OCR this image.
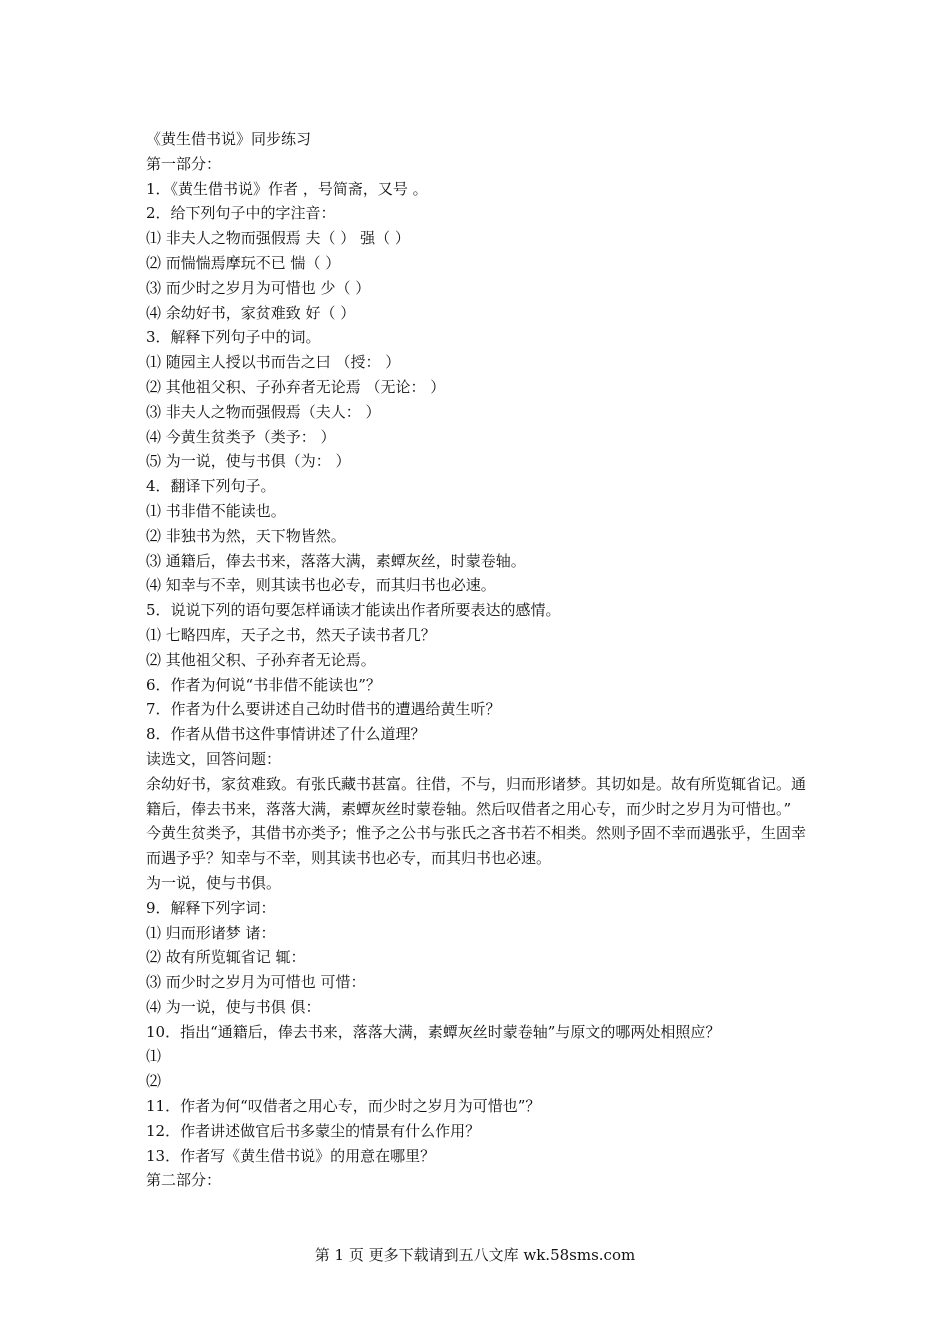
《黄生借书说》同步练习
第一部分：
1．《黄生借书说》作者 ，号简斋，又号 。
2．给下列句子中的字注音：
⑴ 非夫人之物而强假焉 夫（ ） 强（ ）
⑵ 而惴惴焉摩玩不已 惴（ ）
⑶ 而少时之岁月为可惜也 少（ ）
⑷ 余幼好书，家贫难致 好（ ）
3．解释下列句子中的词。
⑴ 随园主人授以书而告之曰 （授： ）
⑵ 其他祖父积、子孙弃者无论焉 （无论： ）
⑶ 非夫人之物而强假焉（夫人： ）
⑷ 今黄生贫类予（类予： ）
⑸ 为一说，使与书俱（为： ）
4．翻译下列句子。
⑴ 书非借不能读也。
⑵ 非独书为然，天下物皆然。
⑶ 通籍后，俸去书来，落落大满，素蟫灰丝，时蒙卷轴。
⑷ 知幸与不幸，则其读书也必专，而其归书也必速。
5．说说下列的语句要怎样诵读才能读出作者所要表达的感情。
⑴ 七略四库，天子之书，然天子读书者几？
⑵ 其他祖父积、子孙弃者无论焉。
6．作者为何说“书非借不能读也”？
7．作者为什么要讲述自己幼时借书的遭遇给黄生听？
8．作者从借书这件事情讲述了什么道理？
读选文，回答问题：
余幼好书，家贫难致。有张氏藏书甚富。往借，不与，归而形诸梦。其切如是。故有所览辄省记。通籍后，俸去书来，落落大满，素蟫灰丝时蒙卷轴。然后叹借者之用心专，而少时之岁月为可惜也。”
今黄生贫类予，其借书亦类予；惟予之公书与张氏之吝书若不相类。然则予固不幸而遇张乎，生固幸而遇予乎？知幸与不幸，则其读书也必专，而其归书也必速。
为一说，使与书俱。
9．解释下列字词：
⑴ 归而形诸梦 诸：
⑵ 故有所览辄省记 辄：
⑶ 而少时之岁月为可惜也 可惜：
⑷ 为一说，使与书俱 俱：
10．指出“通籍后，俸去书来，落落大满，素蟫灰丝时蒙卷轴”与原文的哪两处相照应？
⑴
⑵
11．作者为何“叹借者之用心专，而少时之岁月为可惜也”？
12．作者讲述做官后书多蒙尘的情景有什么作用？
13．作者写《黄生借书说》的用意在哪里？
第二部分：
第 1 页 更多下载请到五八文库 wk.58sms.com
